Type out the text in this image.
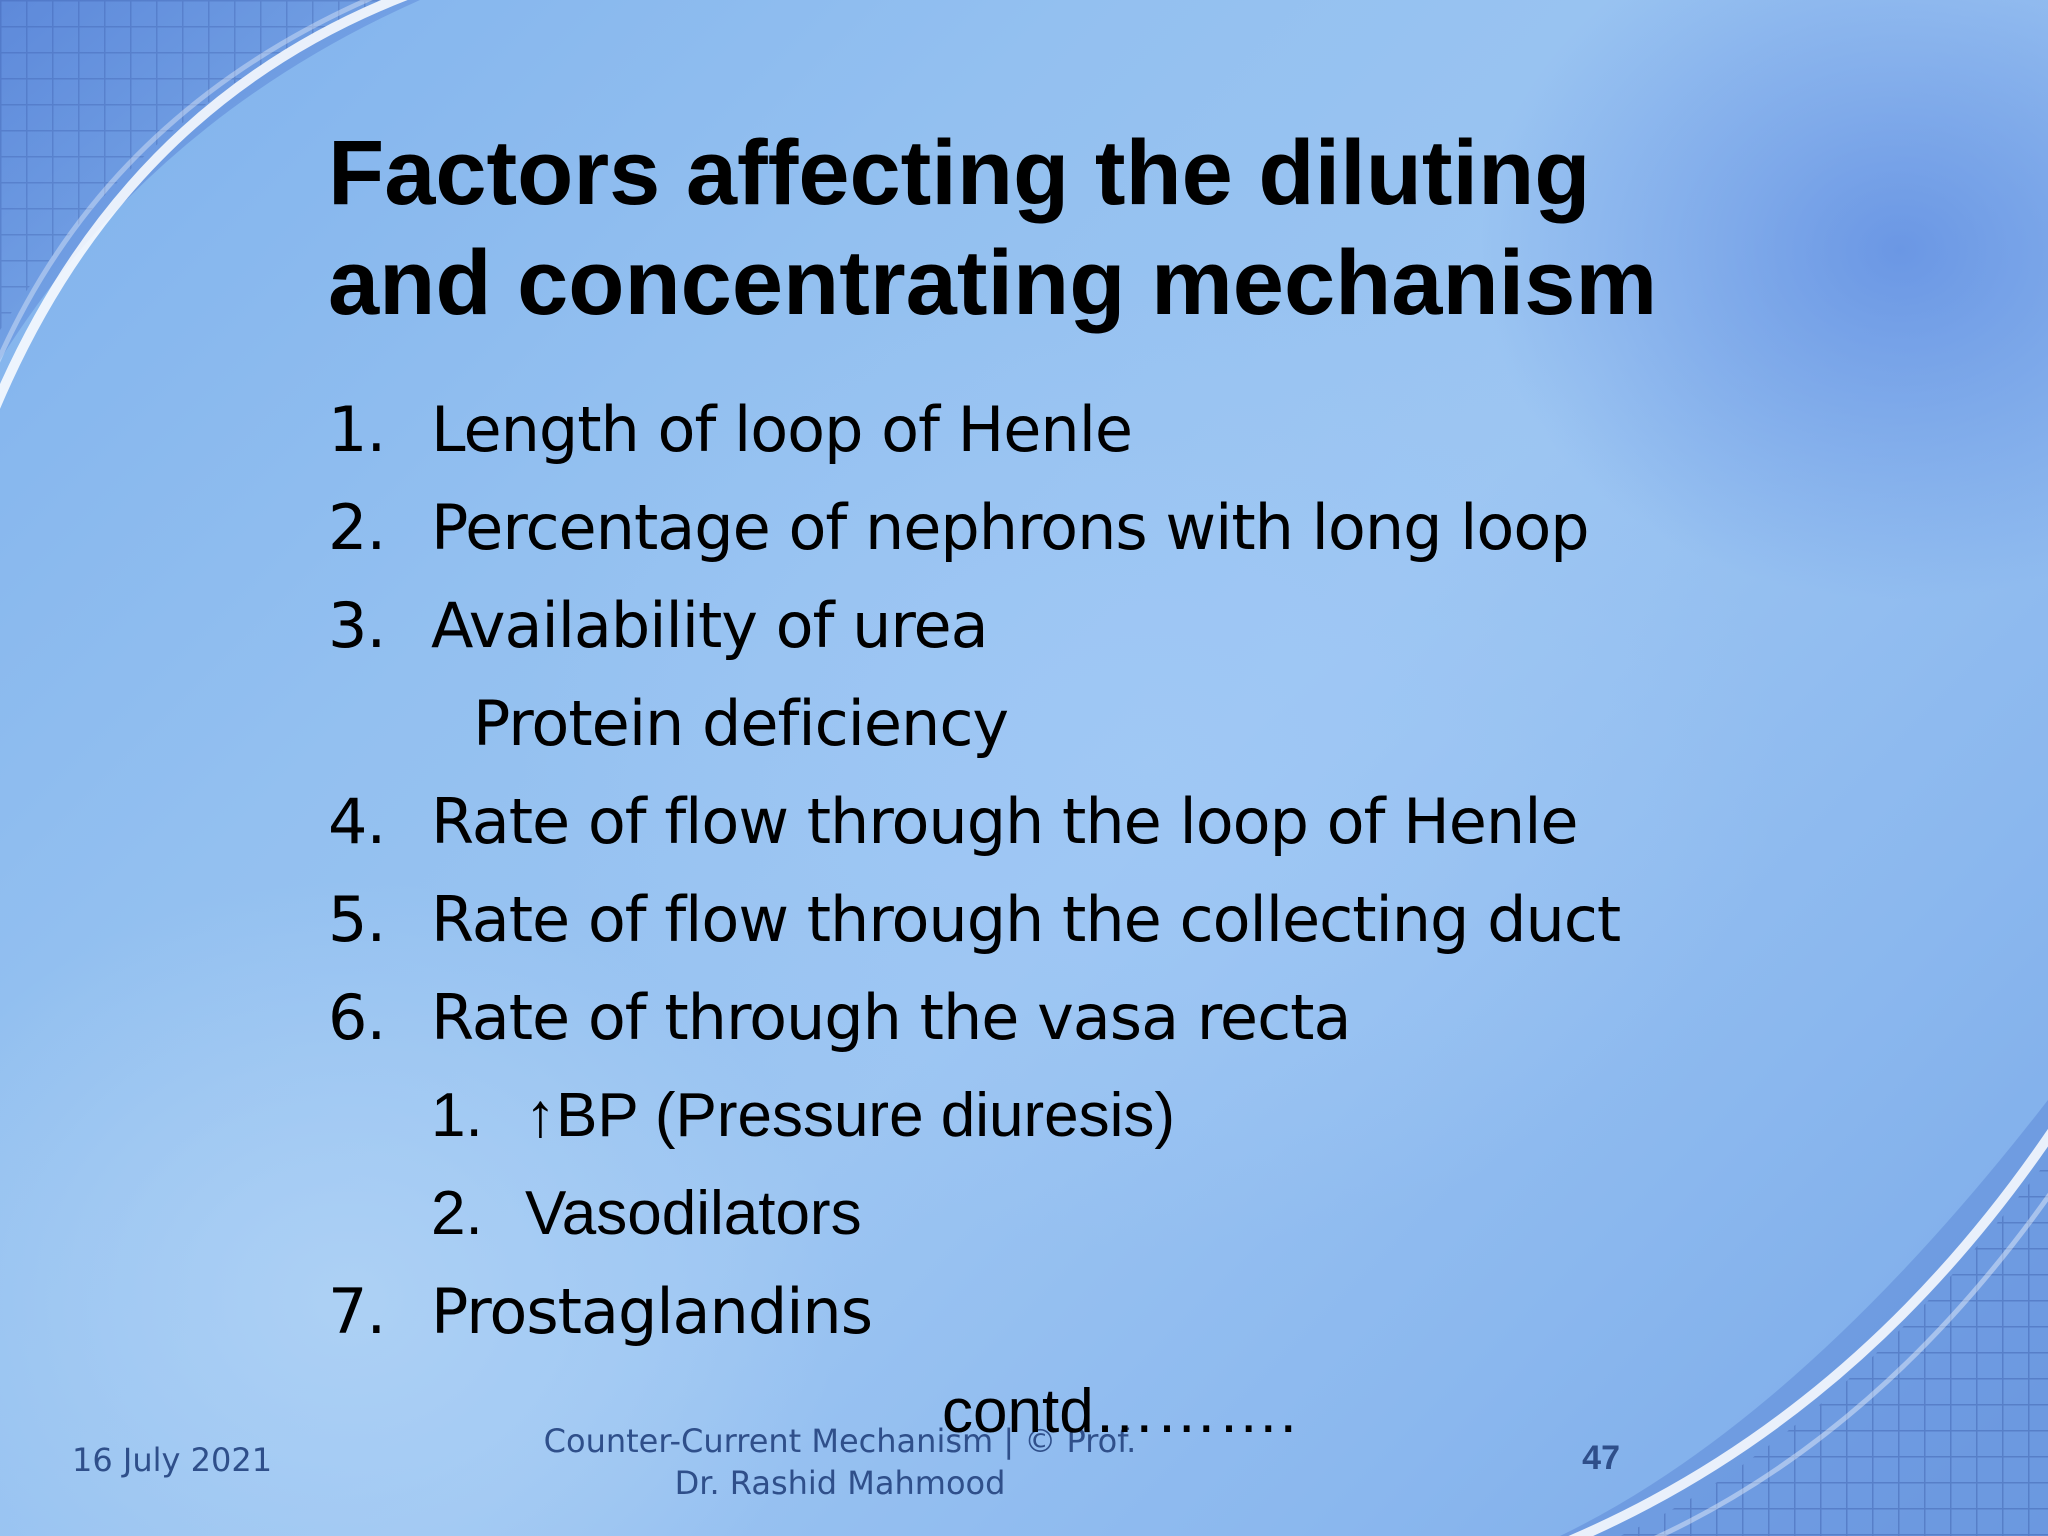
Factors affecting the diluting
and concentrating mechanism
1. Length of loop of Henle
2. Percentage of nephrons with long loop
3. Availability of urea
Protein deficiency
4. Rate of flow through the loop of Henle
5. Rate of flow through the collecting duct
6. Rate of through the vasa recta
1. ↑BP (Pressure diuresis)
2. Vasodilators
7. Prostaglandins
16 July 2021	Counter-Current Mechanism | © Prof.
Dr. Rashid Mahmood
contd……….
47
